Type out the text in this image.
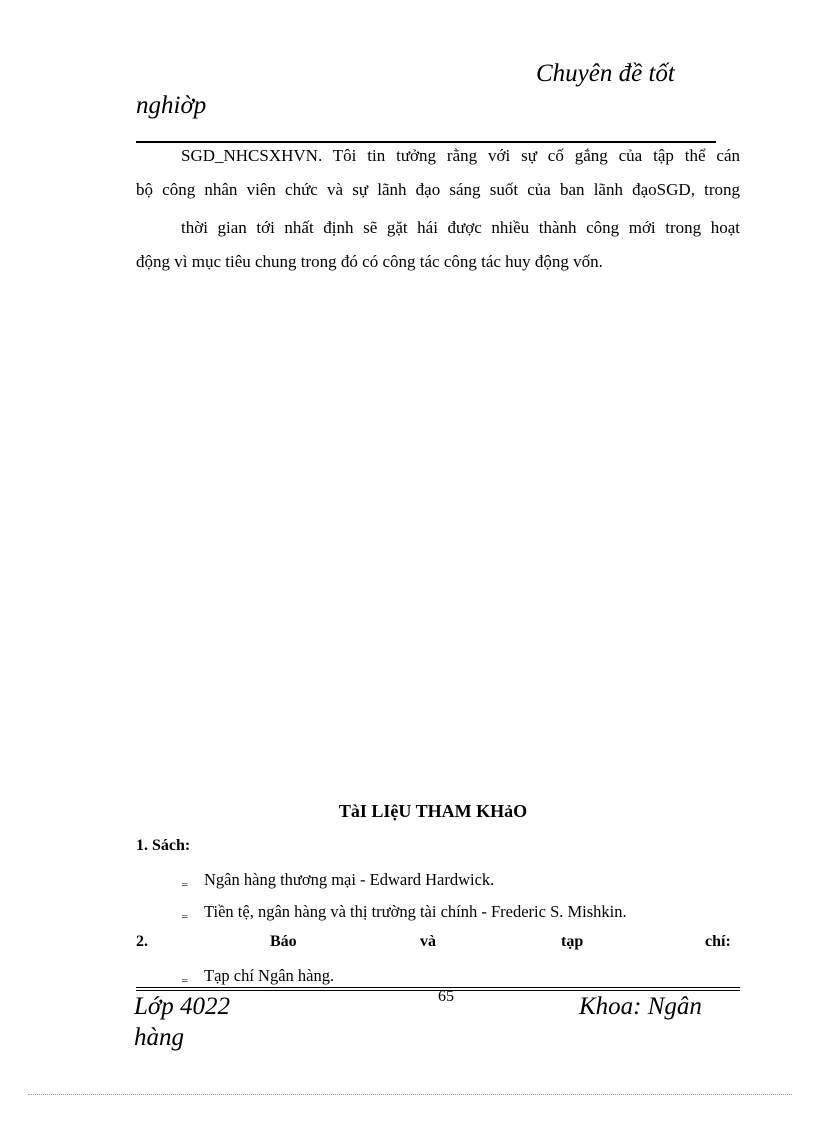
Chuyên đề tốt
nghiờp
SGD_NHCSXHVN. Tôi tin tưởng rằng với sự cố gắng của tập thể cán
bộ công nhân viên chức và sự lãnh đạo sáng suốt của ban lãnh đạoSGD, trong
thời gian tới nhất định sẽ gặt hái được nhiều thành công mới trong hoạt
động vì mục tiêu chung trong đó có công tác công tác huy động vốn.
TàI LIệU THAM KHảO
1. Sách:
‗ Ngân hàng thương mại - Edward Hardwick.
‗ Tiền tệ, ngân hàng và thị trường tài chính - Frederic S. Mishkin.
2.	Báo	và	tạp	chí:
‗ Tạp chí Ngân hàng.
65
Lớp 4022
hàng
Khoa: Ngân
